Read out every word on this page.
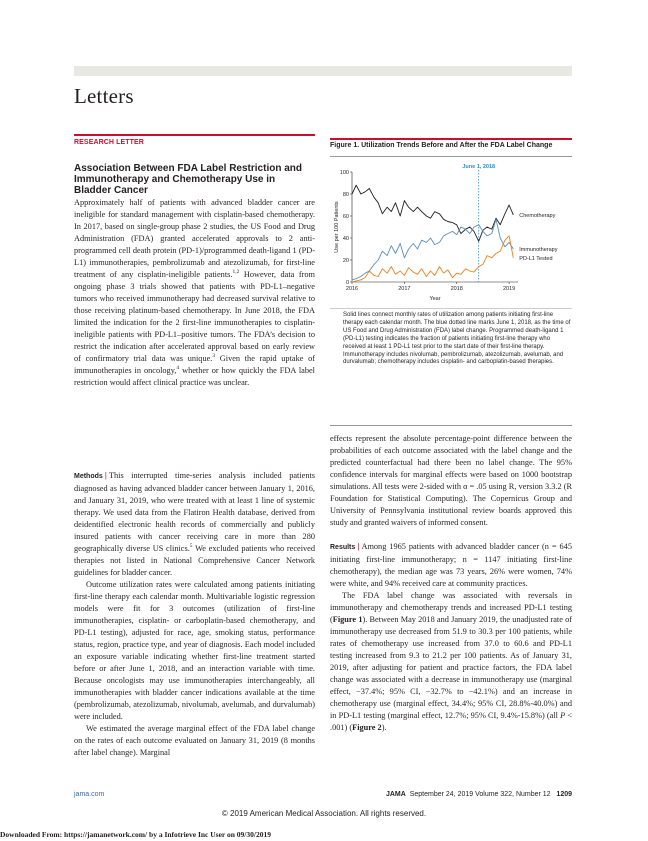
Letters
RESEARCH LETTER
Association Between FDA Label Restriction and Immunotherapy and Chemotherapy Use in Bladder Cancer
Approximately half of patients with advanced bladder cancer are ineligible for standard management with cisplatin-based chemotherapy. In 2017, based on single-group phase 2 studies, the US Food and Drug Administration (FDA) granted accelerated approvals to 2 anti-programmed cell death protein (PD-1)/programmed death-ligand 1 (PD-L1) immunotherapies, pembrolizumab and atezolizumab, for first-line treatment of any cisplatin-ineligible patients.$^{1,2}$ However, data from ongoing phase 3 trials showed that patients with PD-L1–negative tumors who received immunotherapy had decreased survival relative to those receiving platinum-based chemotherapy. In June 2018, the FDA limited the indication for the 2 first-line immunotherapies to cisplatin-ineligible patients with PD-L1–positive tumors. The FDA’s decision to restrict the indication after accelerated approval based on early review of confirmatory trial data was unique.$^3$ Given the rapid uptake of immunotherapies in oncology,$^4$ whether or how quickly the FDA label restriction would affect clinical practice was unclear.

Methods | This interrupted time-series analysis included patients diagnosed as having advanced bladder cancer between January 1, 2016, and January 31, 2019, who were treated with at least 1 line of systemic therapy. We used data from the Flatiron Health database, derived from deidentified electronic health records of commercially and publicly insured patients with cancer receiving care in more than 280 geographically diverse US clinics.$^5$ We excluded patients who received therapies not listed in National Comprehensive Cancer Network guidelines for bladder cancer.

Outcome utilization rates were calculated among patients initiating first-line therapy each calendar month. Multivariable logistic regression models were fit for 3 outcomes (utilization of first-line immunotherapies, cisplatin- or carboplatin-based chemotherapy, and PD-L1 testing), adjusted for race, age, smoking status, performance status, region, practice type, and year of diagnosis. Each model included an exposure variable indicating whether first-line treatment started before or after June 1, 2018, and an interaction variable with time. Because oncologists may use immunotherapies interchangeably, all immunotherapies with bladder cancer indications available at the time (pembrolizumab, atezolizumab, nivolumab, avelumab, and durvalumab) were included.

We estimated the average marginal effect of the FDA label change on the rates of each outcome evaluated on January 31, 2019 (8 months after label change). Marginal

Figure 1. Utilization Trends Before and After the FDA Label Change
0
20
40
60
80
100
2016	2017	2018	2019
Year
Use per 100 Patients
June 1, 2018
Chemotherapy
Immunotherapy
PD-L1 Tested
Solid lines connect monthly rates of utilization among patients initiating first-line therapy each calendar month. The blue dotted line marks June 1, 2018, as the time of US Food and Drug Administration (FDA) label change. Programmed death-ligand 1 (PD-L1) testing indicates the fraction of patients initiating first-line therapy who received at least 1 PD-L1 test prior to the start date of their first-line therapy. Immunotherapy includes nivolumab, pembrolizumab, atezolizumab, avelumab, and durvalumab; chemotherapy includes cisplatin- and carboplatin-based therapies.
effects represent the absolute percentage-point difference between the probabilities of each outcome associated with the label change and the predicted counterfactual had there been no label change. The 95% confidence intervals for marginal effects were based on 1000 bootstrap simulations. All tests were 2-sided with α = .05 using R, version 3.3.2 (R Foundation for Statistical Computing). The Copernicus Group and University of Pennsylvania institutional review boards approved this study and granted waivers of informed consent.

Results | Among 1965 patients with advanced bladder cancer (n = 645 initiating first-line immunotherapy; n = 1147 initiating first-line chemotherapy), the median age was 73 years, 26% were women, 74% were white, and 94% received care at community practices.

The FDA label change was associated with reversals in immunotherapy and chemotherapy trends and increased PD-L1 testing (Figure 1). Between May 2018 and January 2019, the unadjusted rate of immunotherapy use decreased from 51.9 to 30.3 per 100 patients, while rates of chemotherapy use increased from 37.0 to 60.6 and PD-L1 testing increased from 9.3 to 21.2 per 100 patients. As of January 31, 2019, after adjusting for patient and practice factors, the FDA label change was associated with a decrease in immunotherapy use (marginal effect, −37.4%; 95% CI, −32.7% to −42.1%) and an increase in chemotherapy use (marginal effect, 34.4%; 95% CI, 28.8%-40.0%) and in PD-L1 testing (marginal effect, 12.7%; 95% CI, 9.4%-15.8%) (all P < .001) (Figure 2).

jama.com	JAMA September 24, 2019 Volume 322, Number 12 1209
© 2019 American Medical Association. All rights reserved.
Downloaded From: https://jamanetwork.com/ by a Infotrieve Inc User on 09/30/2019
